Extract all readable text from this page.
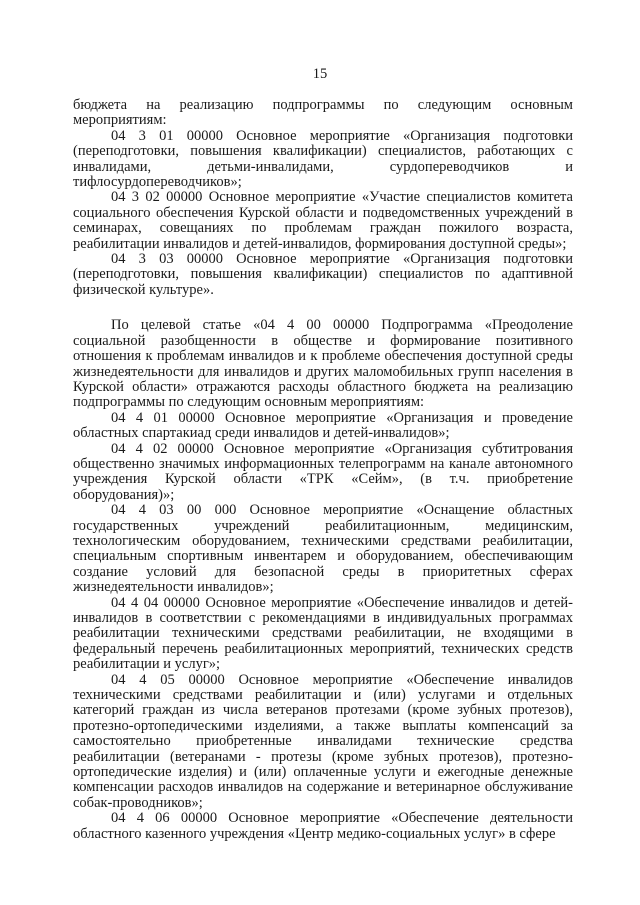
15

бюджета на реализацию подпрограммы по следующим основным мероприятиям:

04 3 01 00000 Основное мероприятие «Организация подготовки (переподготовки, повышения квалификации) специалистов, работающих с инвалидами, детьми-инвалидами, сурдопереводчиков и тифлосурдопереводчиков»;

04 3 02 00000 Основное мероприятие «Участие специалистов комитета социального обеспечения Курской области и подведомственных учреждений в семинарах, совещаниях по проблемам граждан пожилого возраста, реабилитации инвалидов и детей-инвалидов, формирования доступной среды»;

04 3 03 00000 Основное мероприятие «Организация подготовки (переподготовки, повышения квалификации) специалистов по адаптивной физической культуре».

По целевой статье «04 4 00 00000 Подпрограмма «Преодоление социальной разобщенности в обществе и формирование позитивного отношения к проблемам инвалидов и к проблеме обеспечения доступной среды жизнедеятельности для инвалидов и других маломобильных групп населения в Курской области» отражаются расходы областного бюджета на реализацию подпрограммы по следующим основным мероприятиям:

04 4 01 00000 Основное мероприятие «Организация и проведение областных спартакиад среди инвалидов и детей-инвалидов»;

04 4 02 00000 Основное мероприятие «Организация субтитрования общественно значимых информационных телепрограмм на канале автономного учреждения Курской области «ТРК «Сейм», (в т.ч. приобретение оборудования)»;

04 4 03 00 000 Основное мероприятие «Оснащение областных государственных учреждений реабилитационным, медицинским, технологическим оборудованием, техническими средствами реабилитации, специальным спортивным инвентарем и оборудованием, обеспечивающим создание условий для безопасной среды в приоритетных сферах жизнедеятельности инвалидов»;

04 4 04 00000 Основное мероприятие «Обеспечение инвалидов и детей-инвалидов в соответствии с рекомендациями в индивидуальных программах реабилитации техническими средствами реабилитации, не входящими в федеральный перечень реабилитационных мероприятий, технических средств реабилитации и услуг»;

04 4 05 00000 Основное мероприятие «Обеспечение инвалидов техническими средствами реабилитации и (или) услугами и отдельных категорий граждан из числа ветеранов протезами (кроме зубных протезов), протезно-ортопедическими изделиями, а также выплаты компенсаций за самостоятельно приобретенные инвалидами технические средства реабилитации (ветеранами - протезы (кроме зубных протезов), протезно-ортопедические изделия) и (или) оплаченные услуги и ежегодные денежные компенсации расходов инвалидов на содержание и ветеринарное обслуживание собак-проводников»;

04 4 06 00000 Основное мероприятие «Обеспечение деятельности областного казенного учреждения «Центр медико-социальных услуг» в сфере
